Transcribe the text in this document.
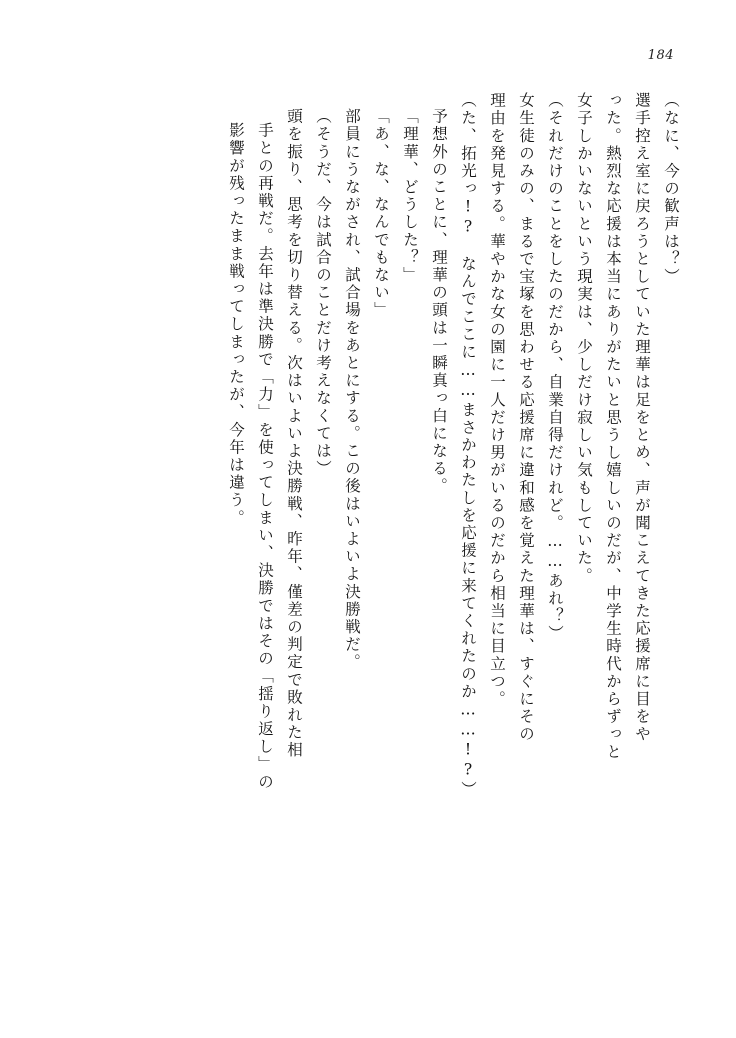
184
（なに、今の歓声は？）
選手控え室に戻ろうとしていた理華は足をとめ、声が聞こえてきた応援席に目をや
った。熱烈な応援は本当にありがたいと思うし嬉しいのだが、中学生時代からずっと
女子しかいないという現実は、少しだけ寂しい気もしていた。
（それだけのことをしたのだから、自業自得だけれど。……あれ？）
女生徒のみの、まるで宝塚を思わせる応援席に違和感を覚えた理華は、すぐにその
理由を発見する。華やかな女の園に一人だけ男がいるのだから相当に目立つ。
（た、拓光っ!?　なんでここに……まさかわたしを応援に来てくれたのか……!?）
予想外のことに、理華の頭は一瞬真っ白になる。
「理華、どうした？」
「あ、な、なんでもない」
部員にうながされ、試合場をあとにする。この後はいよいよ決勝戦だ。
（そうだ、今は試合のことだけ考えなくては）
頭を振り、思考を切り替える。次はいよいよ決勝戦、昨年、僅差の判定で敗れた相
手との再戦だ。去年は準決勝で「力」を使ってしまい、決勝ではその「揺り返し」の
影響が残ったまま戦ってしまったが、今年は違う。
